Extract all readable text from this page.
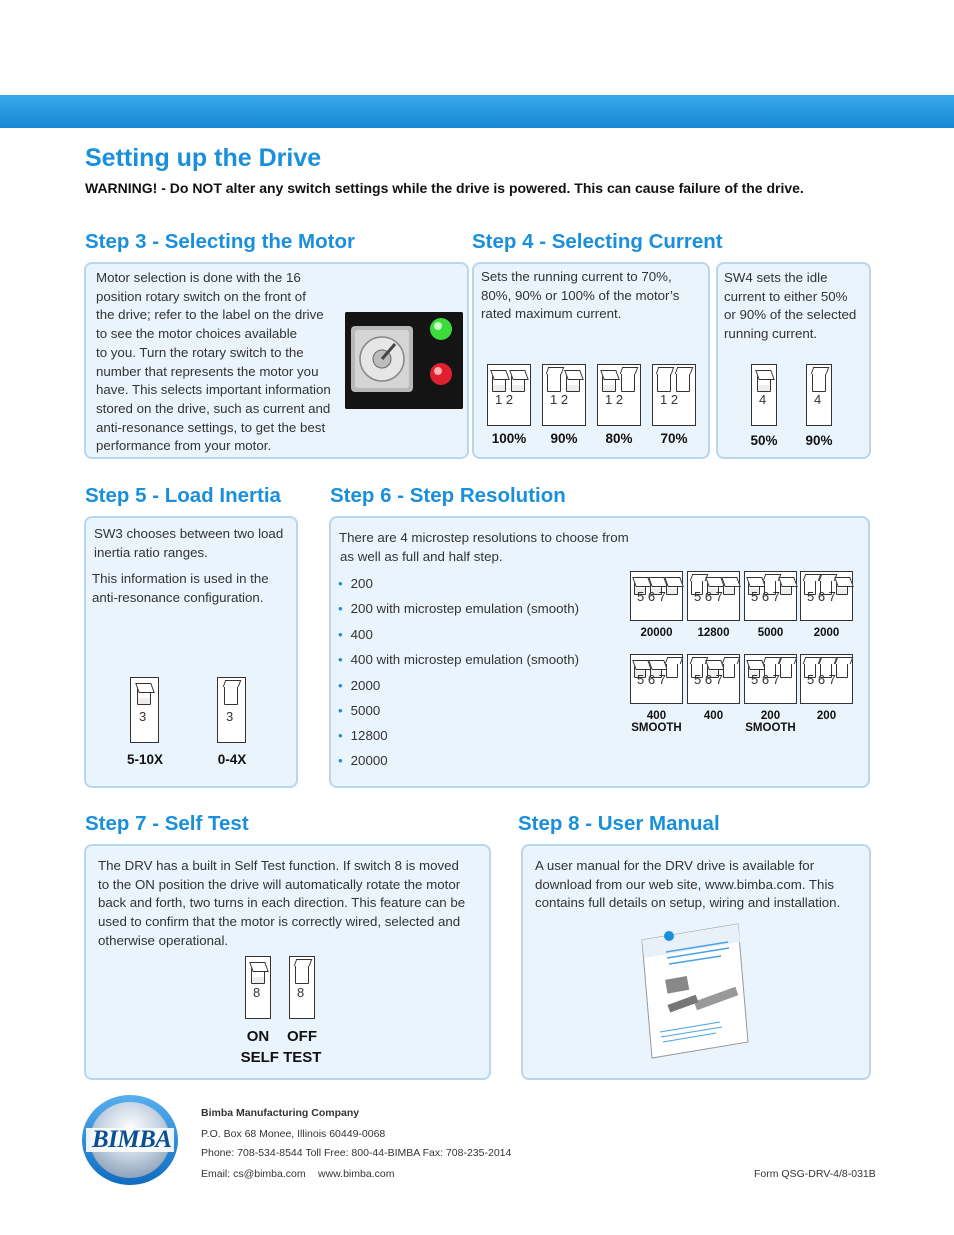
Setting up the Drive
WARNING! - Do NOT alter any switch settings while the drive is powered. This can cause failure of the drive.
Step 3 - Selecting the Motor
Motor selection is done with the 16
position rotary switch on the front of
the drive; refer to the label on the drive
to see the motor choices available
to you. Turn the rotary switch to the
number that represents the motor you
have. This selects important information
stored on the drive, such as current and
anti-resonance settings, to get the best
performance from your motor.
Step 4 - Selecting Current
Sets the running current to 70%,
80%, 90% or 100% of the motor’s
rated maximum current.
SW4 sets the idle
current to either 50%
or 90% of the selected
running current.
1 2
100%
1 2
90%
1 2
80%
1 2
70%
4
50%
4
90%
Step 5 - Load Inertia
SW3 chooses between two load
inertia ratio ranges.
This information is used in the
anti-resonance configuration.
3
5-10X
3
0-4X
Step 6 - Step Resolution
There are 4 microstep resolutions to choose from
as well as full and half step.
• 200
• 200 with microstep emulation (smooth)
• 400
• 400 with microstep emulation (smooth)
• 2000
• 5000
• 12800
• 20000
5 6 7
20000
5 6 7
12800
5 6 7
5000
5 6 7
2000
5 6 7
400
SMOOTH
5 6 7
400
5 6 7
200
SMOOTH
5 6 7
200
Step 7 - Self Test
The DRV has a built in Self Test function. If switch 8 is moved
to the ON position the drive will automatically rotate the motor
back and forth, two turns in each direction. This feature can be
used to confirm that the motor is correctly wired, selected and
otherwise operational.
8
ON
8
OFF
SELF TEST
Step 8 - User Manual
A user manual for the DRV drive is available for
download from our web site, www.bimba.com. This
contains full details on setup, wiring and installation.
BIMBA
Bimba Manufacturing Company
P.O. Box 68 Monee, Illinois 60449-0068
Phone: 708-534-8544 Toll Free: 800-44-BIMBA Fax: 708-235-2014
Email: cs@bimba.com www.bimba.com	Form QSG-DRV-4/8-031B
